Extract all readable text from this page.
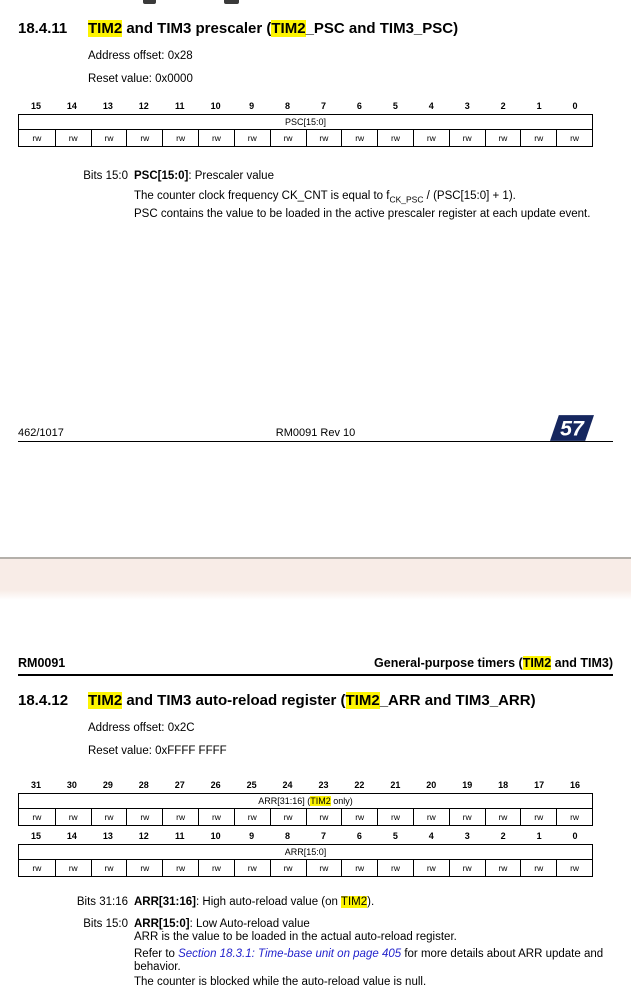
18.4.11 TIM2 and TIM3 prescaler (TIM2_PSC and TIM3_PSC)
Address offset: 0x28
Reset value: 0x0000
15	14	13	12	11	10	9	8	7	6	5	4	3	2	1	0
PSC[15:0]
rw	rw	rw	rw	rw	rw	rw	rw	rw	rw	rw	rw	rw	rw	rw	rw
Bits 15:0 PSC[15:0]: Prescaler value
The counter clock frequency CK_CNT is equal to $f_{CK\_PSC}$ / (PSC[15:0] + 1).
PSC contains the value to be loaded in the active prescaler register at each update event.
462/1017	RM0091 Rev 10	57
RM0091	General-purpose timers (TIM2 and TIM3)
18.4.12 TIM2 and TIM3 auto-reload register (TIM2_ARR and TIM3_ARR)
Address offset: 0x2C
Reset value: 0xFFFF FFFF
31	30	29	28	27	26	25	24	23	22	21	20	19	18	17	16
ARR[31:16] (TIM2 only)
rw	rw	rw	rw	rw	rw	rw	rw	rw	rw	rw	rw	rw	rw	rw	rw
15	14	13	12	11	10	9	8	7	6	5	4	3	2	1	0
ARR[15:0]
rw	rw	rw	rw	rw	rw	rw	rw	rw	rw	rw	rw	rw	rw	rw	rw
Bits 31:16 ARR[31:16]: High auto-reload value (on TIM2).
Bits 15:0 ARR[15:0]: Low Auto-reload value
ARR is the value to be loaded in the actual auto-reload register.
Refer to Section 18.3.1: Time-base unit on page 405 for more details about ARR update and
behavior.
The counter is blocked while the auto-reload value is null.
